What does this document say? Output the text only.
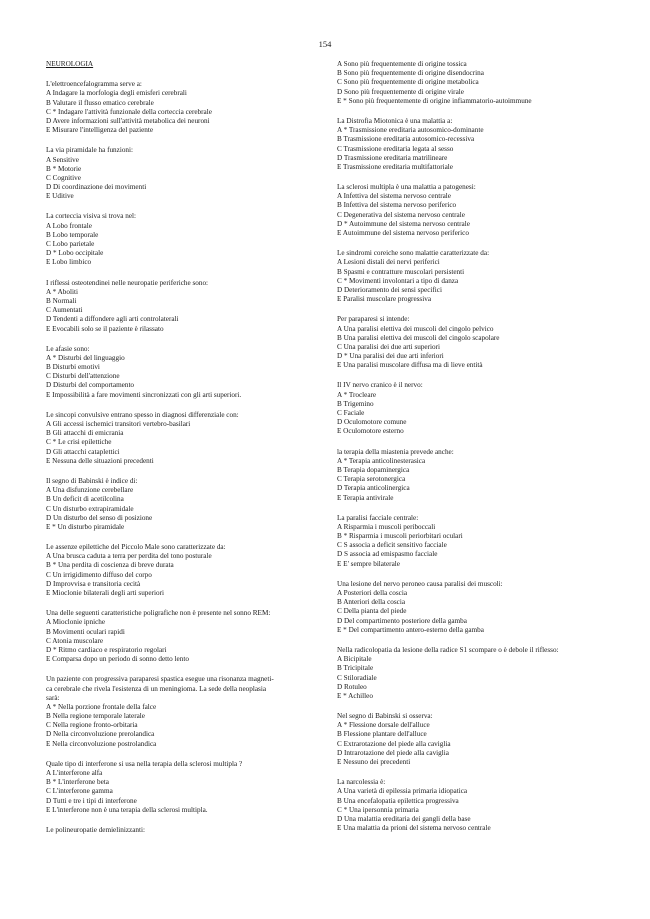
154
NEUROLOGIA
L'elettroencefalogramma serve a:
A Indagare la morfologia degli emisferi cerebrali
B Valutare il flusso ematico cerebrale
C * Indagare l'attività funzionale della corteccia cerebrale
D Avere informazioni sull'attività metabolica dei neuroni
E Misurare l'intelligenza del paziente
La via piramidale ha funzioni:
A Sensitive
B * Motorie
C Cognitive
D Di coordinazione dei movimenti
E Uditive
La corteccia visiva si trova nel:
A Lobo frontale
B Lobo temporale
C Lobo parietale
D * Lobo occipitale
E Lobo limbico
I riflessi osteotendinei nelle neuropatie periferiche sono:
A * Aboliti
B Normali
C Aumentati
D Tendenti a diffondere agli arti controlaterali
E Evocabili solo se il paziente è rilassato
Le afasie sono:
A * Disturbi del linguaggio
B Disturbi emotivi
C Disturbi dell'attenzione
D Disturbi del comportamento
E Impossibilità a fare movimenti sincronizzati con gli arti superiori.
Le sincopi convulsive entrano spesso in diagnosi differenziale con:
A Gli accessi ischemici transitori vertebro-basilari
B Gli attacchi di emicrania
C * Le crisi epilettiche
D Gli attacchi cataplettici
E Nessuna delle situazioni precedenti
Il segno di Babinski è indice di:
A Una disfunzione cerebellare
B Un deficit di acetilcolina
C Un disturbo extrapiramidale
D Un disturbo del senso di posizione
E * Un disturbo piramidale
Le assenze epilettiche del Piccolo Male sono caratterizzate da:
A Una brusca caduta a terra per perdita del tono posturale
B * Una perdita di coscienza di breve durata
C Un irrigidimento diffuso del corpo
D Improvvisa e transitoria cecità
E Mioclonie bilaterali degli arti superiori
Una delle seguenti caratteristiche poligrafiche non è presente nel sonno REM:
A Mioclonie ipniche
B Movimenti oculari rapidi
C Atonia muscolare
D * Ritmo cardiaco e respiratorio regolari
E Comparsa dopo un periodo di sonno detto lento
Un paziente con progressiva paraparesi spastica esegue una risonanza magneti-
ca cerebrale che rivela l'esistenza di un meningioma. La sede della neoplasia
sarà:
A * Nella porzione frontale della falce
B Nella regione temporale laterale
C Nella regione fronto-orbitaria
D Nella circonvoluzione prerolandica
E Nella circonvoluzione postrolandica
Quale tipo di interferone si usa nella terapia della sclerosi multipla ?
A L'interferone alfa
B * L'interferone beta
C L'interferone gamma
D Tutti e tre i tipi di interferone
E L'interferone non è una terapia della sclerosi multipla.
Le polineuropatie demielinizzanti:
A Sono più frequentemente di origine tossica
B Sono più frequentemente di origine disendocrina
C Sono più frequentemente di origine metabolica
D Sono più frequentemente di origine virale
E * Sono più frequentemente di origine infiammatorio-autoimmune
La Distrofia Miotonica è una malattia a:
A * Trasmissione ereditaria autosomico-dominante
B Trasmissione ereditaria autosomico-recessiva
C Trasmissione ereditaria legata al sesso
D Trasmissione ereditaria matrilineare
E Trasmissione ereditaria multifattoriale
La sclerosi multipla è una malattia a patogenesi:
A Infettiva del sistema nervoso centrale
B Infettiva del sistema nervoso periferico
C Degenerativa del sistema nervoso centrale
D * Autoimmune del sistema nervoso centrale
E Autoimmune del sistema nervoso periferico
Le sindromi coreiche sono malattie caratterizzate da:
A Lesioni distali dei nervi periferici
B Spasmi e contratture muscolari persistenti
C * Movimenti involontari a tipo di danza
D Deterioramento dei sensi specifici
E Paralisi muscolare progressiva
Per paraparesi si intende:
A Una paralisi elettiva dei muscoli del cingolo pelvico
B Una paralisi elettiva dei muscoli del cingolo scapolare
C Una paralisi dei due arti superiori
D * Una paralisi dei due arti inferiori
E Una paralisi muscolare diffusa ma di lieve entità
Il IV nervo cranico è il nervo:
A * Trocleare
B Trigemino
C Faciale
D Oculomotore comune
E Oculomotore esterno
la terapia della miastenia prevede anche:
A * Terapia anticolinesterasica
B Terapia dopaminergica
C Terapia serotonergica
D Terapia anticolinergica
E Terapia antivirale
La paralisi facciale centrale:
A Risparmia i muscoli periboccali
B * Risparmia i muscoli periorbitari oculari
C S associa a deficit sensitivo facciale
D S associa ad emispasmo facciale
E E' sempre bilaterale
Una lesione del nervo peroneo causa paralisi dei muscoli:
A Posteriori della coscia
B Anteriori della coscia
C Della pianta del piede
D Del compartimento posteriore della gamba
E * Del compartimento antero-esterno della gamba
Nella radicolopatia da lesione della radice S1 scompare o è debole il riflesso:
A Bicipitale
B Tricipitale
C Stiloradiale
D Rotuleo
E * Achilleo
Nel segno di Babinski si osserva:
A * Flessione dorsale dell'alluce
B Flessione plantare dell'alluce
C Extrarotazione del piede alla caviglia
D Intrarotazione del piede alla caviglia
E Nessuno dei precedenti
La narcolessia è:
A Una varietà di epilessia primaria idiopatica
B Una encefalopatia epilettica progressiva
C * Una ipersonnia primaria
D Una malattia ereditaria dei gangli della base
E Una malattia da prioni del sistema nervoso centrale
